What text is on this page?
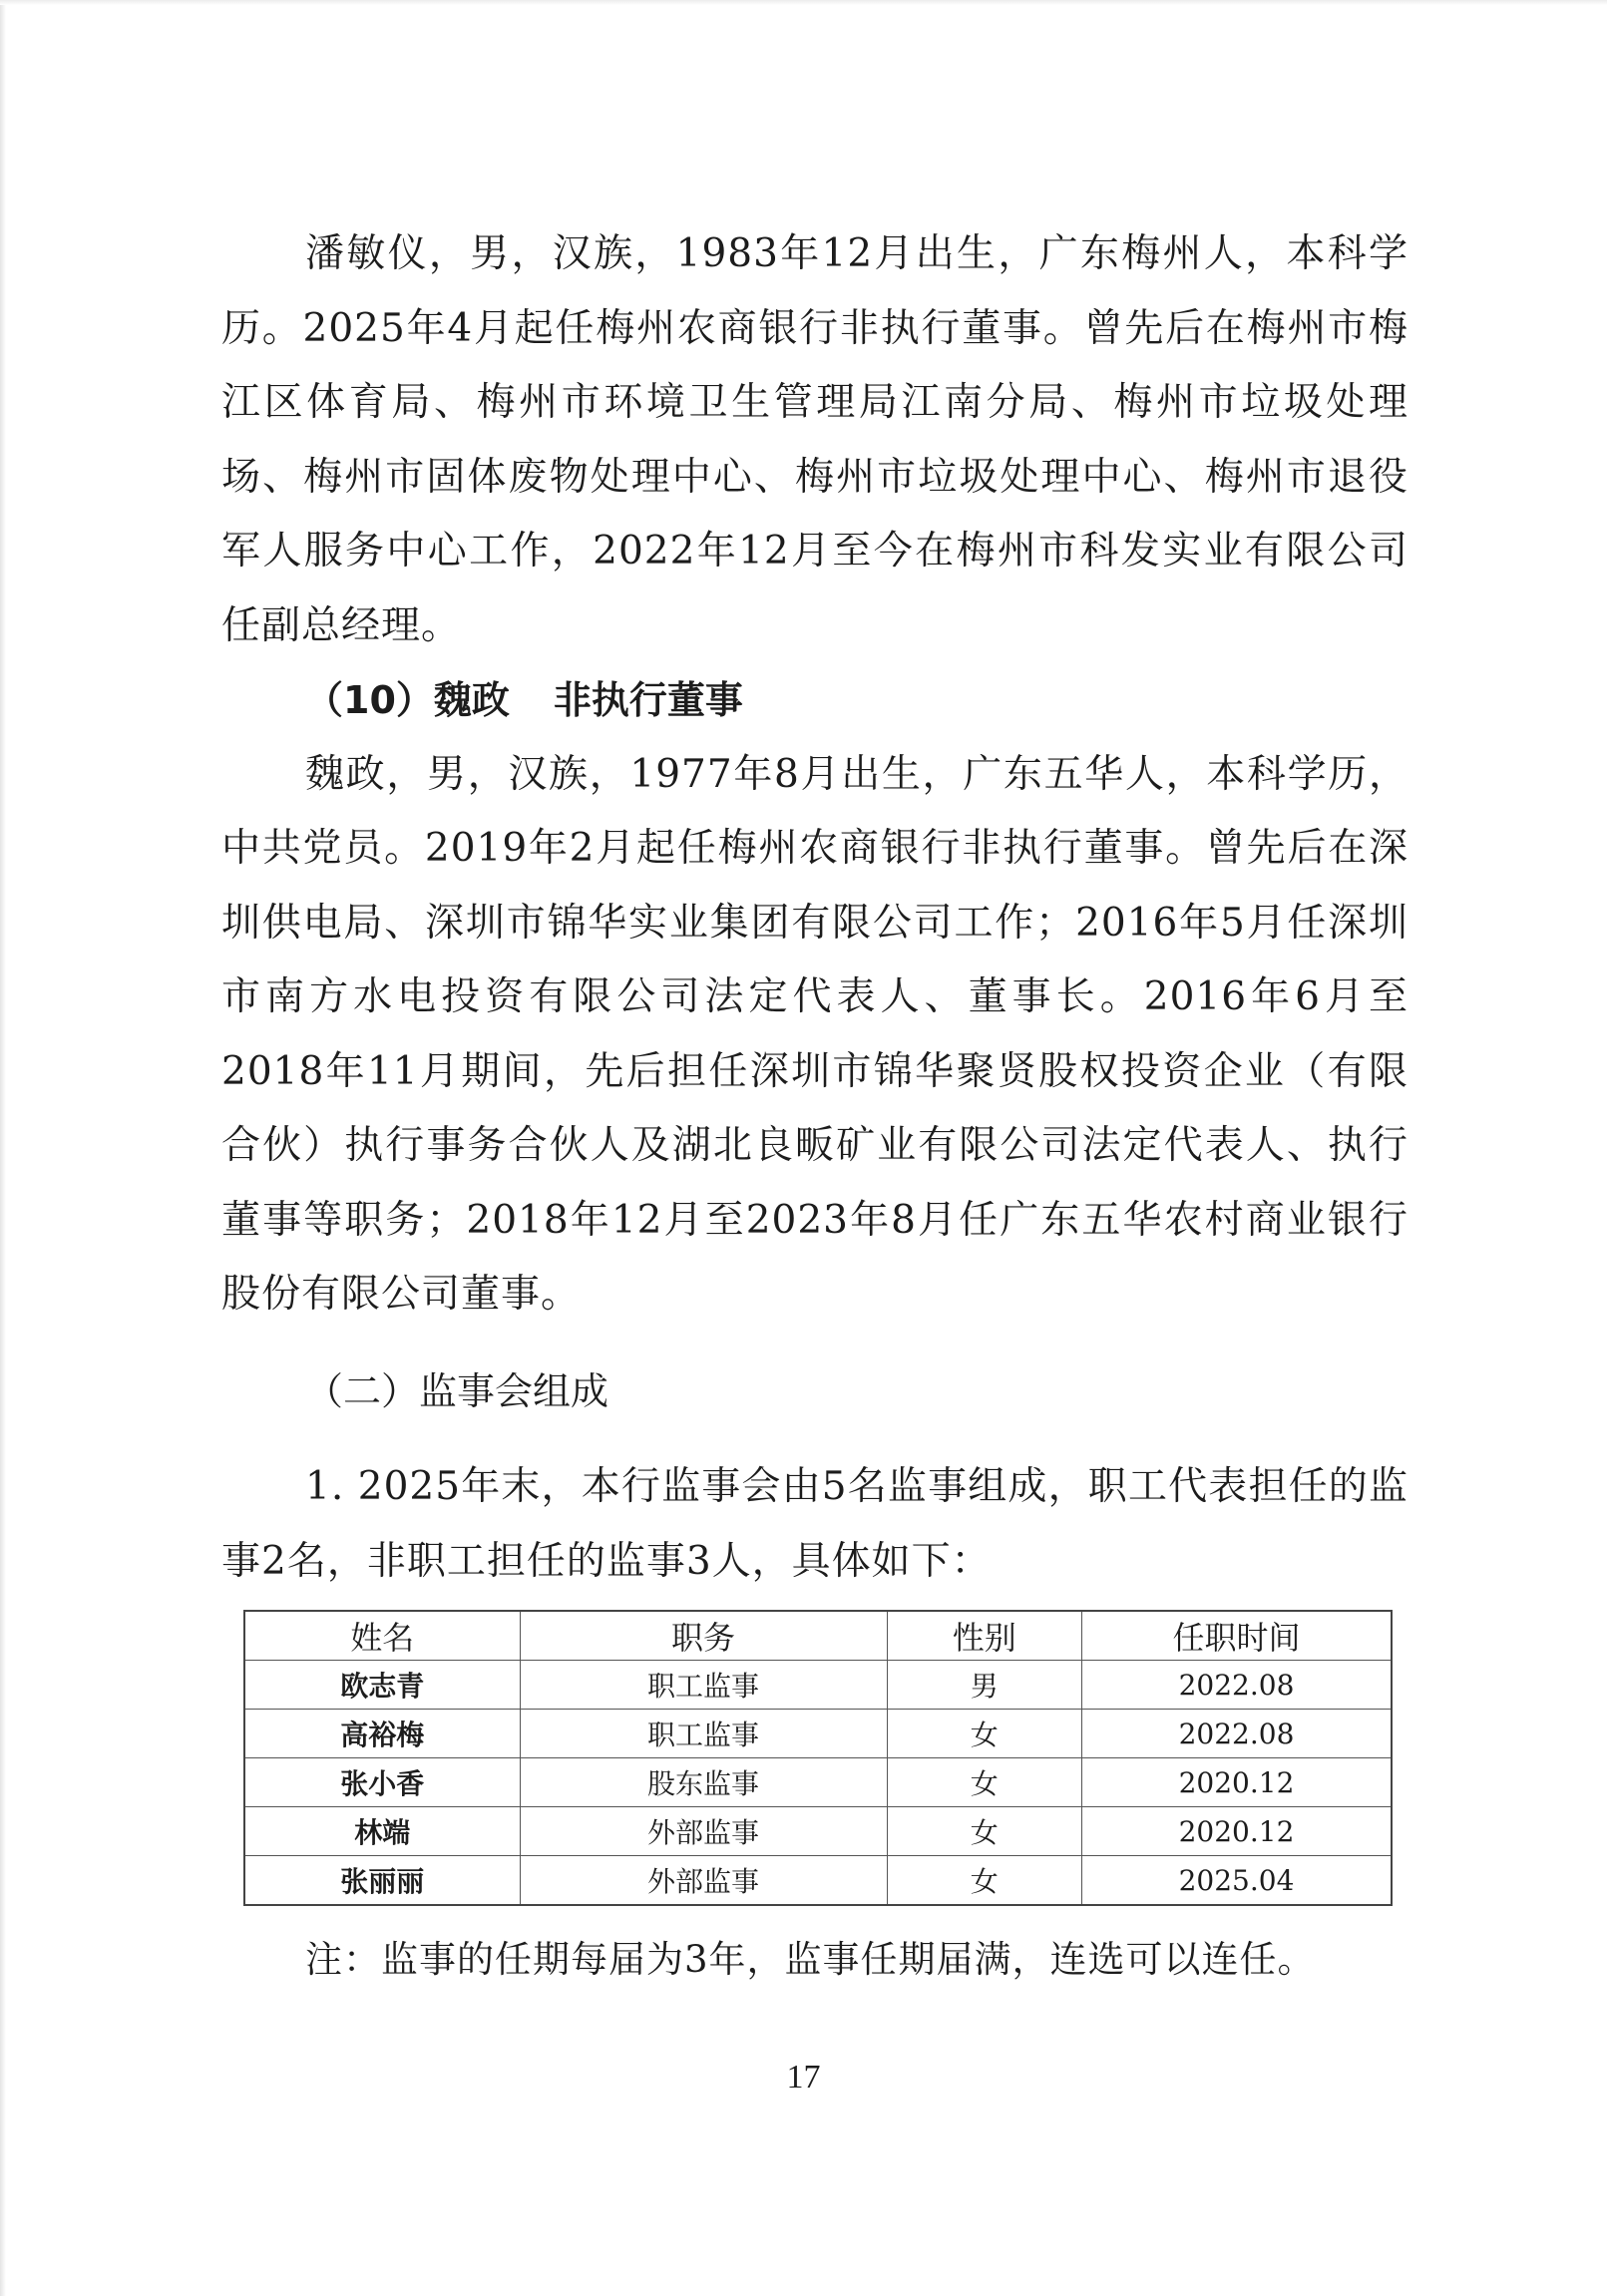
潘敏仪，男，汉族，1983年12月出生，广东梅州人，本科学历。2025年4月起任梅州农商银行非执行董事。曾先后在梅州市梅江区体育局、梅州市环境卫生管理局江南分局、梅州市垃圾处理场、梅州市固体废物处理中心、梅州市垃圾处理中心、梅州市退役军人服务中心工作，2022年12月至今在梅州市科发实业有限公司任副总经理。

（10）魏政 非执行董事

魏政，男，汉族，1977年8月出生，广东五华人，本科学历，中共党员。2019年2月起任梅州农商银行非执行董事。曾先后在深圳供电局、深圳市锦华实业集团有限公司工作；2016年5月任深圳市南方水电投资有限公司法定代表人、董事长。2016年6月至2018年11月期间，先后担任深圳市锦华聚贤股权投资企业（有限合伙）执行事务合伙人及湖北良畈矿业有限公司法定代表人、执行董事等职务；2018年12月至2023年8月任广东五华农村商业银行股份有限公司董事。

（二）监事会组成

1. 2025年末，本行监事会由5名监事组成，职工代表担任的监事2名，非职工担任的监事3人，具体如下：

姓名	职务	性别	任职时间
欧志青	职工监事	男	2022.08
高裕梅	职工监事	女	2022.08
张小香	股东监事	女	2020.12
林端	外部监事	女	2020.12
张丽丽	外部监事	女	2025.04

注：监事的任期每届为3年，监事任期届满，连选可以连任。

17
